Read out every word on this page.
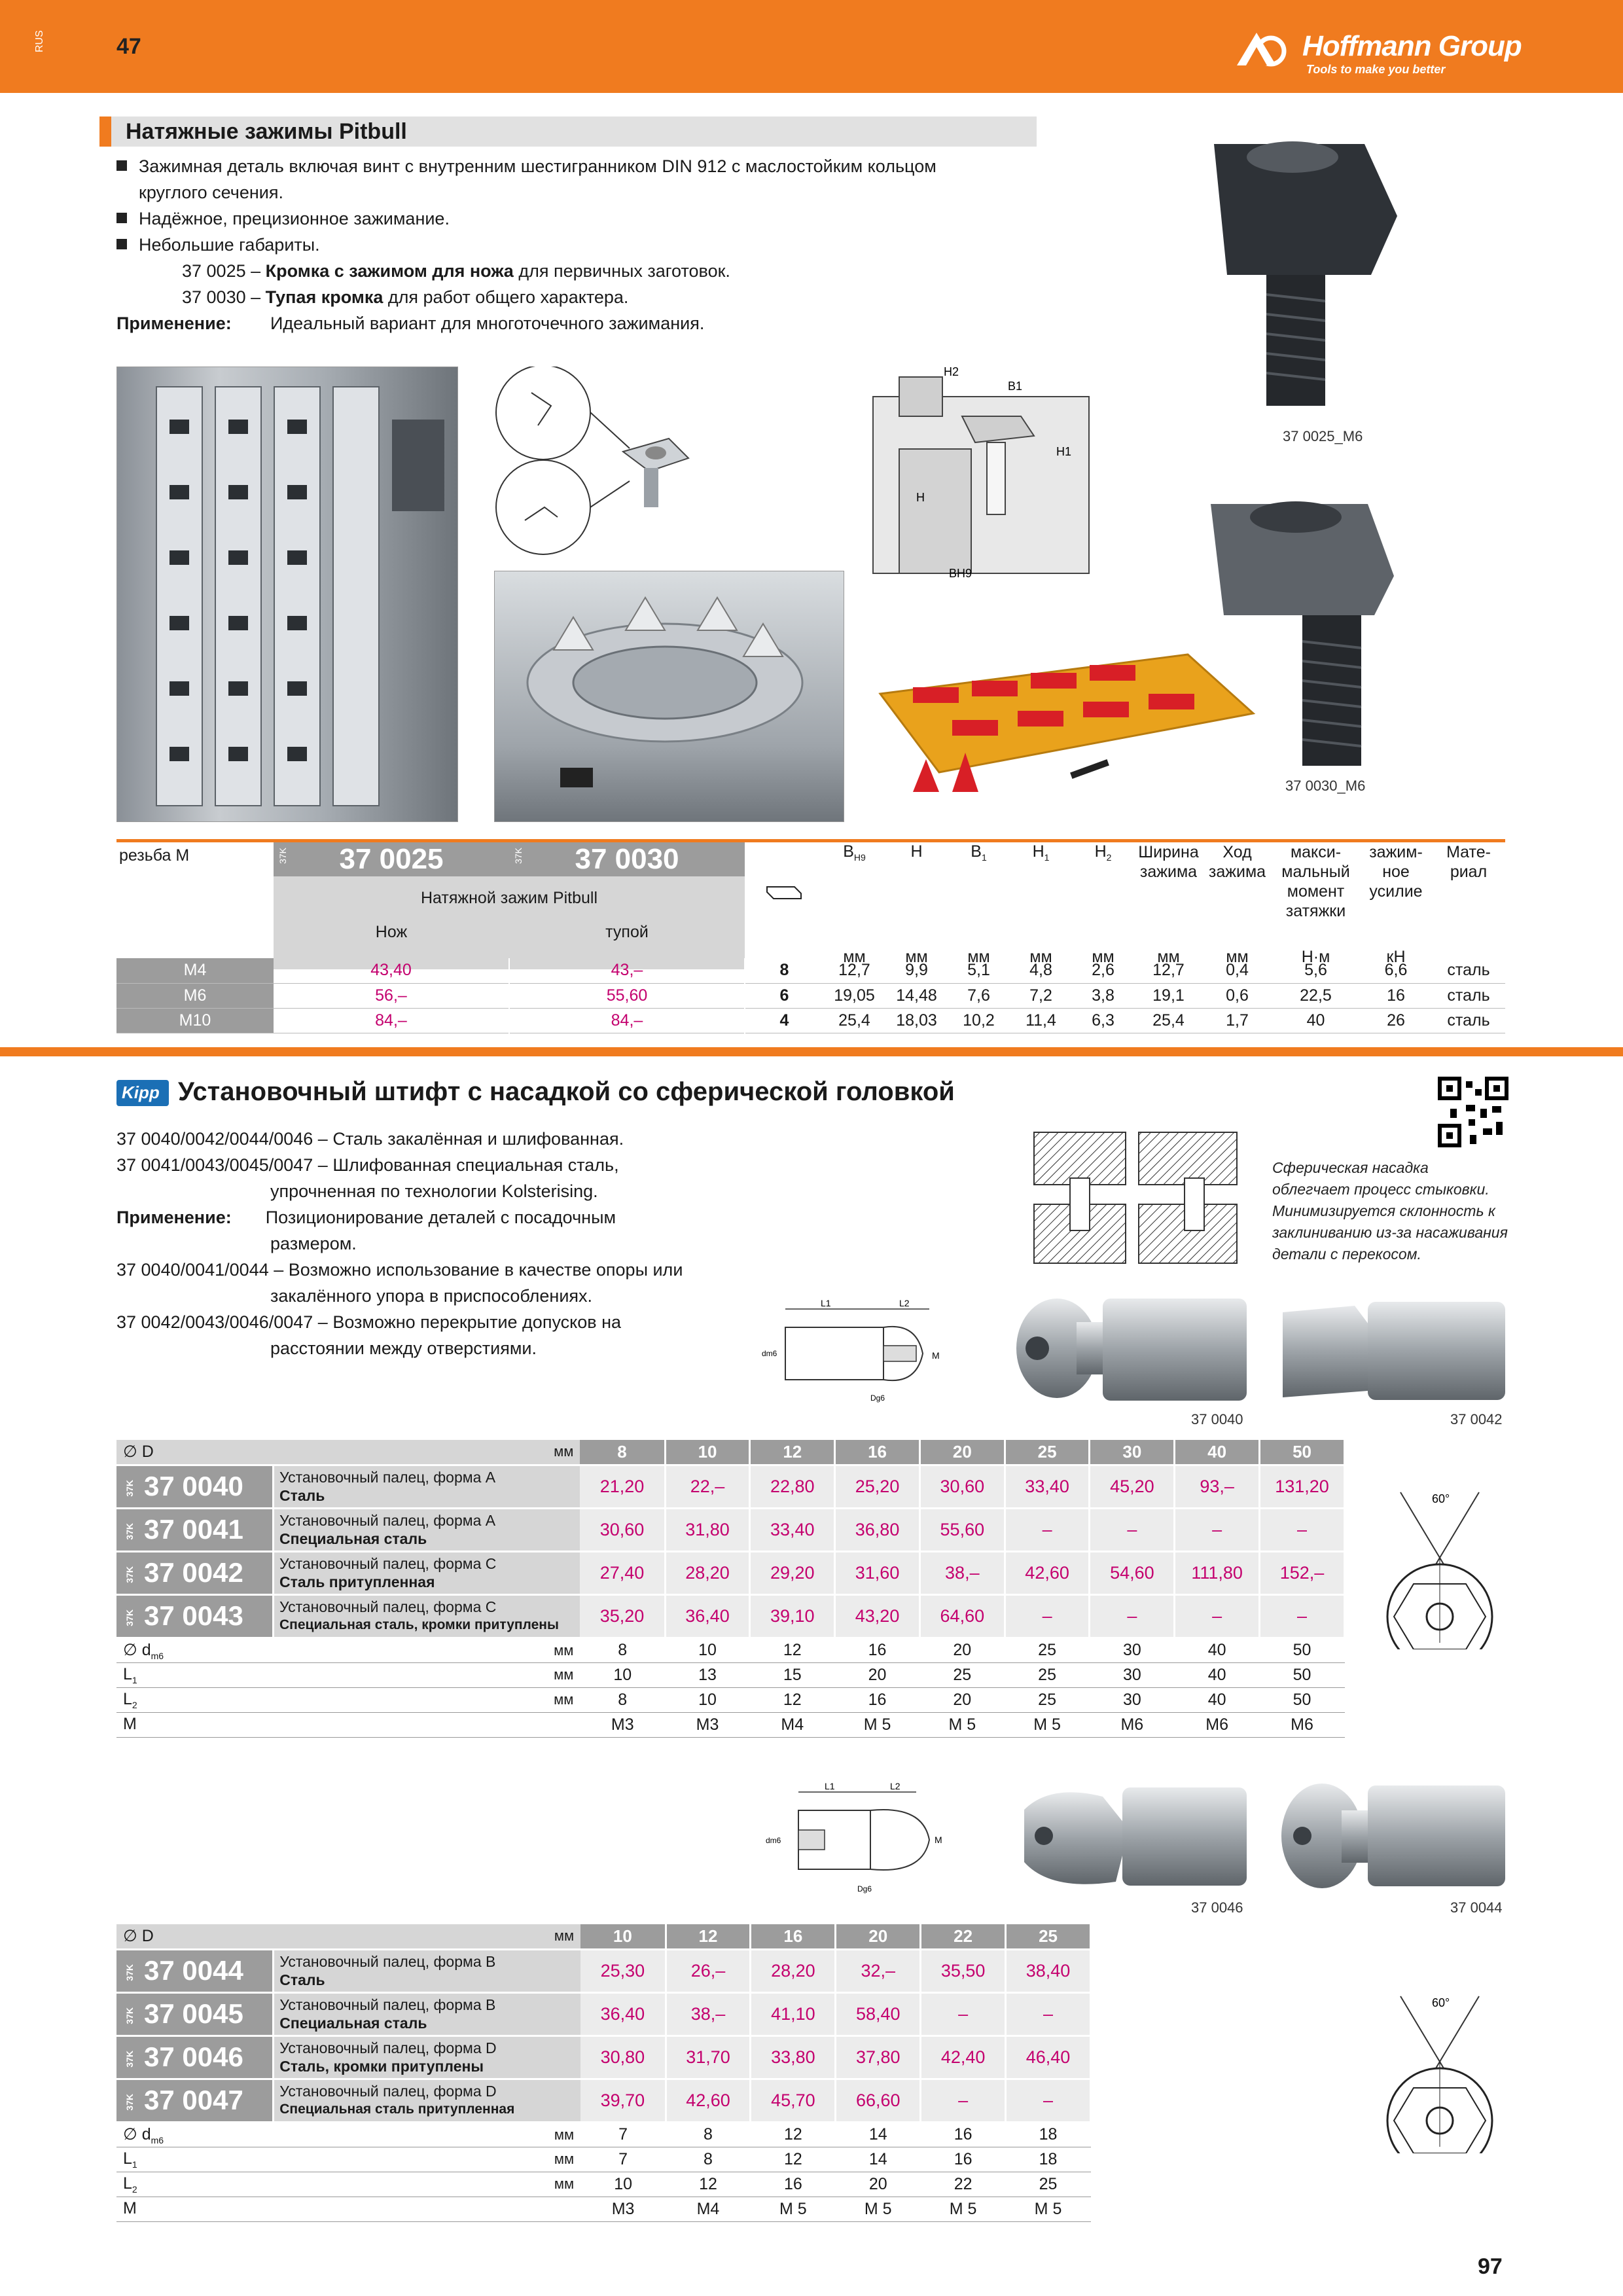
RUS	47	Hoffmann Group
Tools to make you better
Натяжные зажимы Pitbull
Зажимная деталь включая винт с внутренним шестигранником DIN 912 с маслостойким кольцом
круглого сечения.
Надёжное, прецизионное зажимание.
Небольшие габариты.
37 0025 – Кромка с зажимом для ножа для первичных заготовок.
37 0030 – Тупая кромка для работ общего характера.
Применение: Идеальный вариант для многоточечного зажимания.
BH9
H2
B1
H1
H
37 0025_M6
37 0030_M6
резьба M	37K 37 0025	37K 37 0030		$B_{H9}$	H	$B_1$	$H_1$	$H_2$	Ширина зажима	Ход зажима	макси-мальный момент затяжки	зажим-ное усилие	Мате-риал
	Натяжной зажим Pitbull												
	Нож	тупой											
				мм	мм	мм	мм	мм	мм	мм	Н·м	кН	
M4	43,40	43,–	8	12,7	9,9	5,1	4,8	2,6	12,7	0,4	5,6	6,6	сталь
M6	56,–	55,60	6	19,05	14,48	7,6	7,2	3,8	19,1	0,6	22,5	16	сталь
M10	84,–	84,–	4	25,4	18,03	10,2	11,4	6,3	25,4	1,7	40	26	сталь
Kipp Установочный штифт с насадкой со сферической головкой
37 0040/0042/0044/0046 – Сталь закалённая и шлифованная.
37 0041/0043/0045/0047 – Шлифованная специальная сталь,
упрочненная по технологии Kolsterising.
Применение: Позиционирование деталей с посадочным
размером.
37 0040/0041/0044 – Возможно использование в качестве опоры или
закалённого упора в приспособлениях.
37 0042/0043/0046/0047 – Возможно перекрытие допусков на
расстоянии между отверстиями.
Сферическая насадка облегчает процесс стыковки. Минимизируется склонность к заклиниванию из-за насаживания детали с перекосом.
L1	L2
dm6	M
Dg6
37 0040	37 0042
∅ D	мм	8	10	12	16	20	25	30	40	50
37K 37 0040	Установочный палец, форма A
Сталь	21,20	22,–	22,80	25,20	30,60	33,40	45,20	93,–	131,20
37K 37 0041	Установочный палец, форма A
Специальная сталь	30,60	31,80	33,40	36,80	55,60	–	–	–	–
37K 37 0042	Установочный палец, форма C
Сталь притупленная	27,40	28,20	29,20	31,60	38,–	42,60	54,60	111,80	152,–
37K 37 0043	Установочный палец, форма C
Специальная сталь, кромки притуплены	35,20	36,40	39,10	43,20	64,60	–	–	–	–
∅ $d_{m6}$	мм	8	10	12	16	20	25	30	40	50
$L_1$	мм	10	13	15	20	25	25	30	40	50
$L_2$	мм	8	10	12	16	20	25	30	40	50
M		M3	M3	M4	M 5	M 5	M 5	M6	M6	M6
60°
L1	L2
dm6	M
Dg6
37 0046	37 0044
∅ D	мм	10	12	16	20	22	25
37K 37 0044	Установочный палец, форма B
Сталь	25,30	26,–	28,20	32,–	35,50	38,40
37K 37 0045	Установочный палец, форма B
Специальная сталь	36,40	38,–	41,10	58,40	–	–
37K 37 0046	Установочный палец, форма D
Сталь, кромки притуплены	30,80	31,70	33,80	37,80	42,40	46,40
37K 37 0047	Установочный палец, форма D
Специальная сталь притупленная	39,70	42,60	45,70	66,60	–	–
∅ $d_{m6}$	мм	7	8	12	14	16	18
$L_1$	мм	7	8	12	14	16	18
$L_2$	мм	10	12	16	20	22	25
M		M3	M4	M 5	M 5	M 5	M 5
60°
97
